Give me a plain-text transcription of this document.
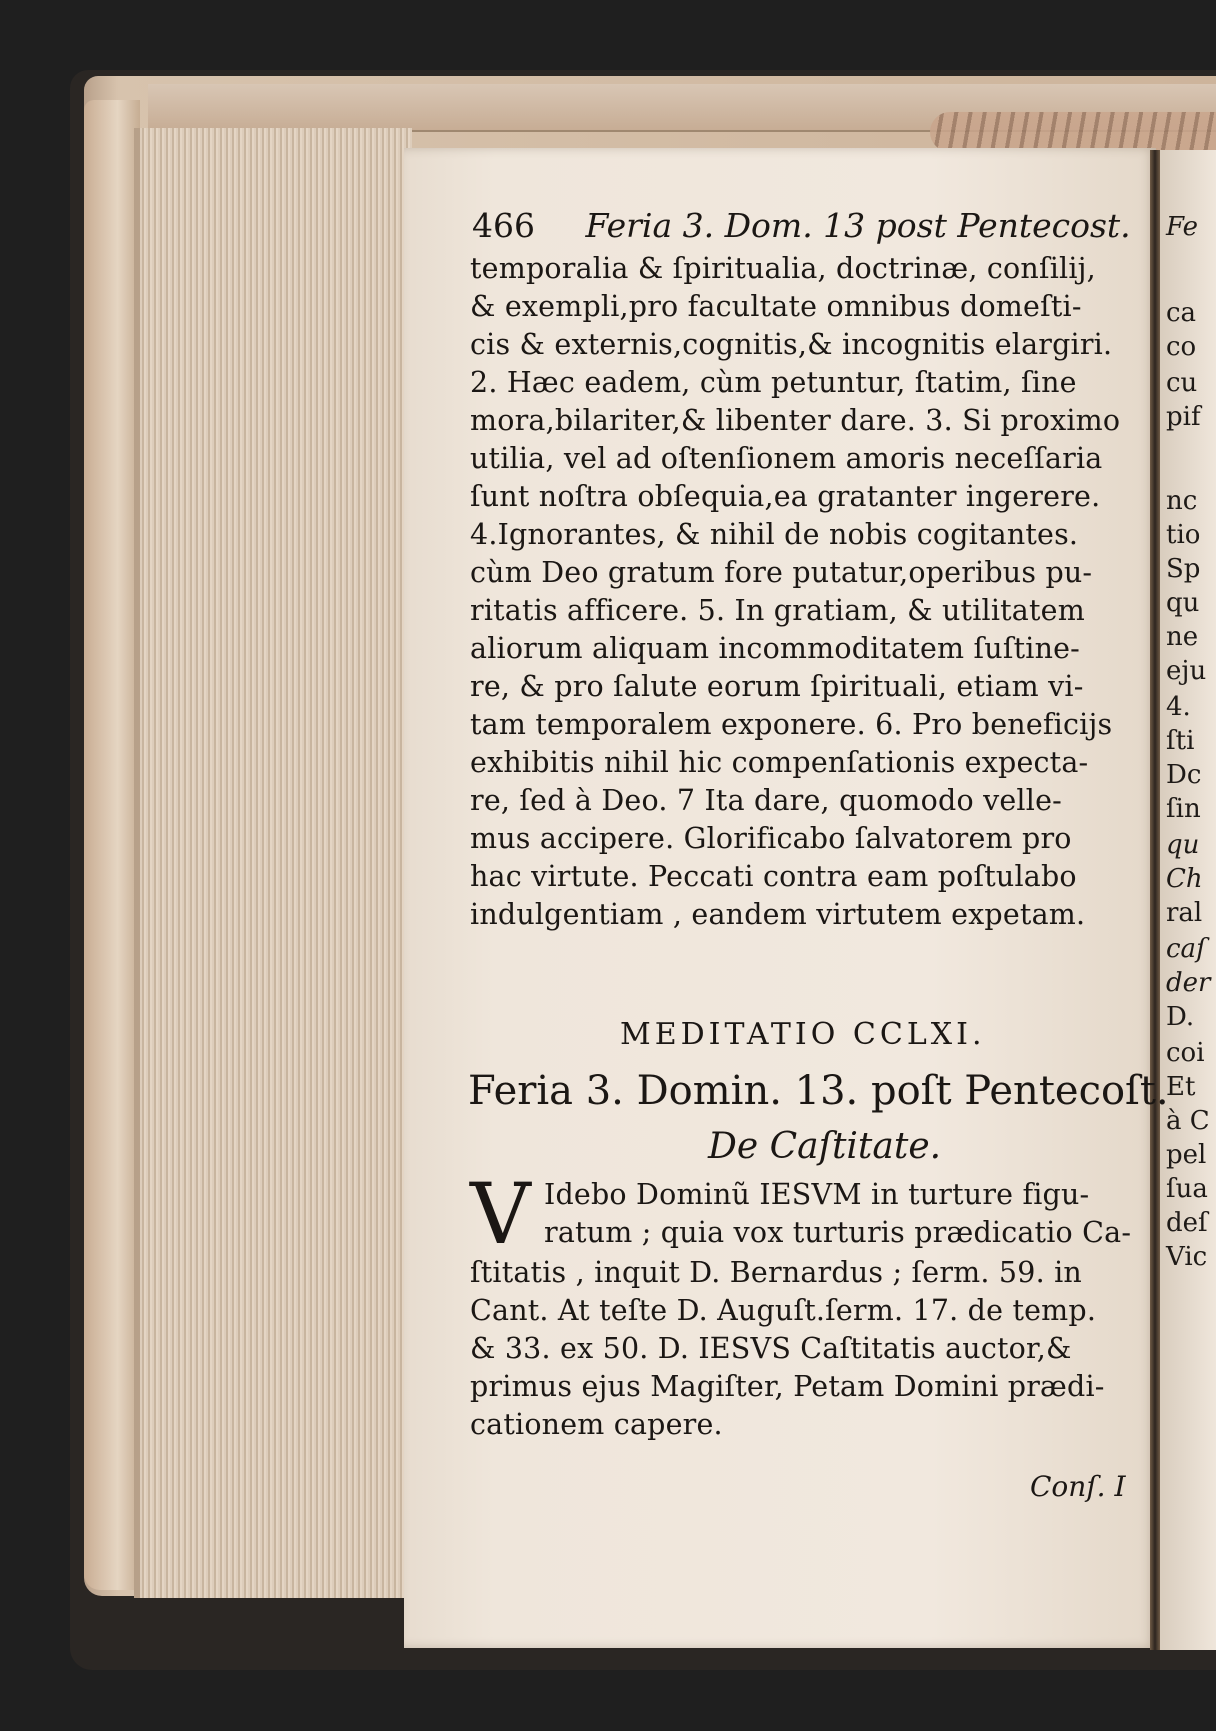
Fe
ca
co
cu
pif
nc
tio
Sp
qu
ne
eju
4.
ſti
Dc
ſin
qu
Ch
ral
caſ
der
D.
coi
Et
à C
pel
ſua
deſ
Vic
466 Feria 3. Dom. 13 post Pentecost.
temporalia & ſpiritualia, doctrinæ, conſilij,
& exempli,pro facultate omnibus domeſti-
cis & externis,cognitis,& incognitis elargiri.
2. Hæc eadem, cùm petuntur, ſtatim, ſine
mora,bilariter,& libenter dare. 3. Si proximo
utilia, vel ad oſtenſionem amoris neceſſaria
ſunt noſtra obſequia,ea gratanter ingerere.
4.Ignorantes, & nihil de nobis cogitantes.
cùm Deo gratum fore putatur,operibus pu-
ritatis afficere. 5. In gratiam, & utilitatem
aliorum aliquam incommoditatem ſuſtine-
re, & pro ſalute eorum ſpirituali, etiam vi-
tam temporalem exponere. 6. Pro beneficijs
exhibitis nihil hic compenſationis expecta-
re, ſed à Deo. 7 Ita dare, quomodo velle-
mus accipere. Glorificabo ſalvatorem pro
hac virtute. Peccati contra eam poſtulabo
indulgentiam , eandem virtutem expetam.
MEDITATIO CCLXI.
Feria 3. Domin. 13. poſt Pentecoſt.
De Caſtitate.
V Idebo Dominũ IESVM in turture figu-
ratum ; quia vox turturis prædicatio Ca-
ſtitatis , inquit D. Bernardus ; ſerm. 59. in
Cant. At teſte D. Auguſt.ſerm. 17. de temp.
& 33. ex 50. D. IESVS Caſtitatis auctor,&
primus ejus Magiſter, Petam Domini prædi-
cationem capere.
Conſ. I
